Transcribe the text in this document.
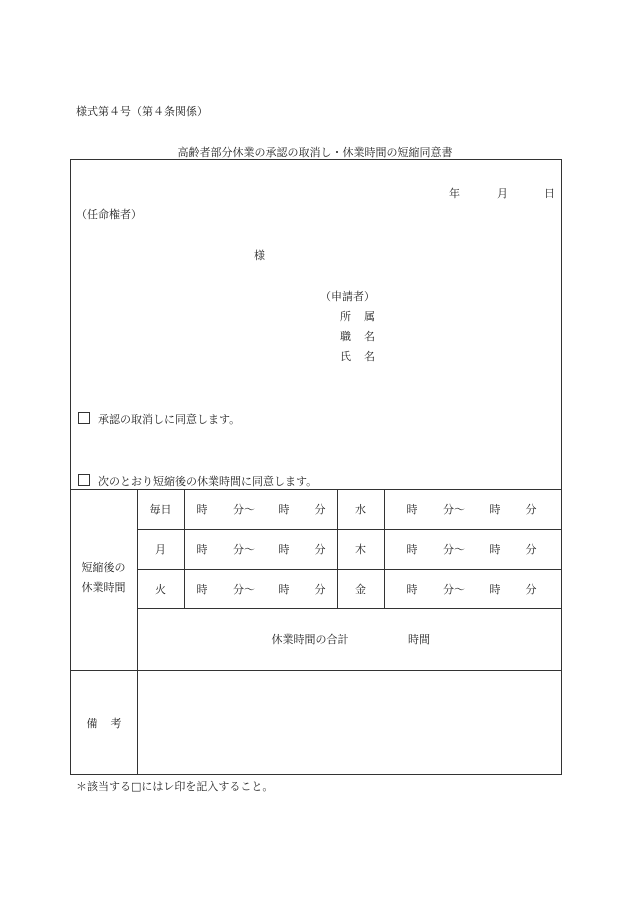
様式第４号（第４条関係）
高齢者部分休業の承認の取消し・休業時間の短縮同意書
年	月	日
（任命権者）
様
（申請者）
所 属
職 名
氏 名
承認の取消しに同意します。
次のとおり短縮後の休業時間に同意します。
短縮後の
休業時間
毎日	時 分～ 時 分	水	時 分～ 時 分
月	時 分～ 時 分	木	時 分～ 時 分
火	時 分～ 時 分	金	時 分～ 時 分
休業時間の合計	時間
備 考
＊該当する□にはレ印を記入すること。
